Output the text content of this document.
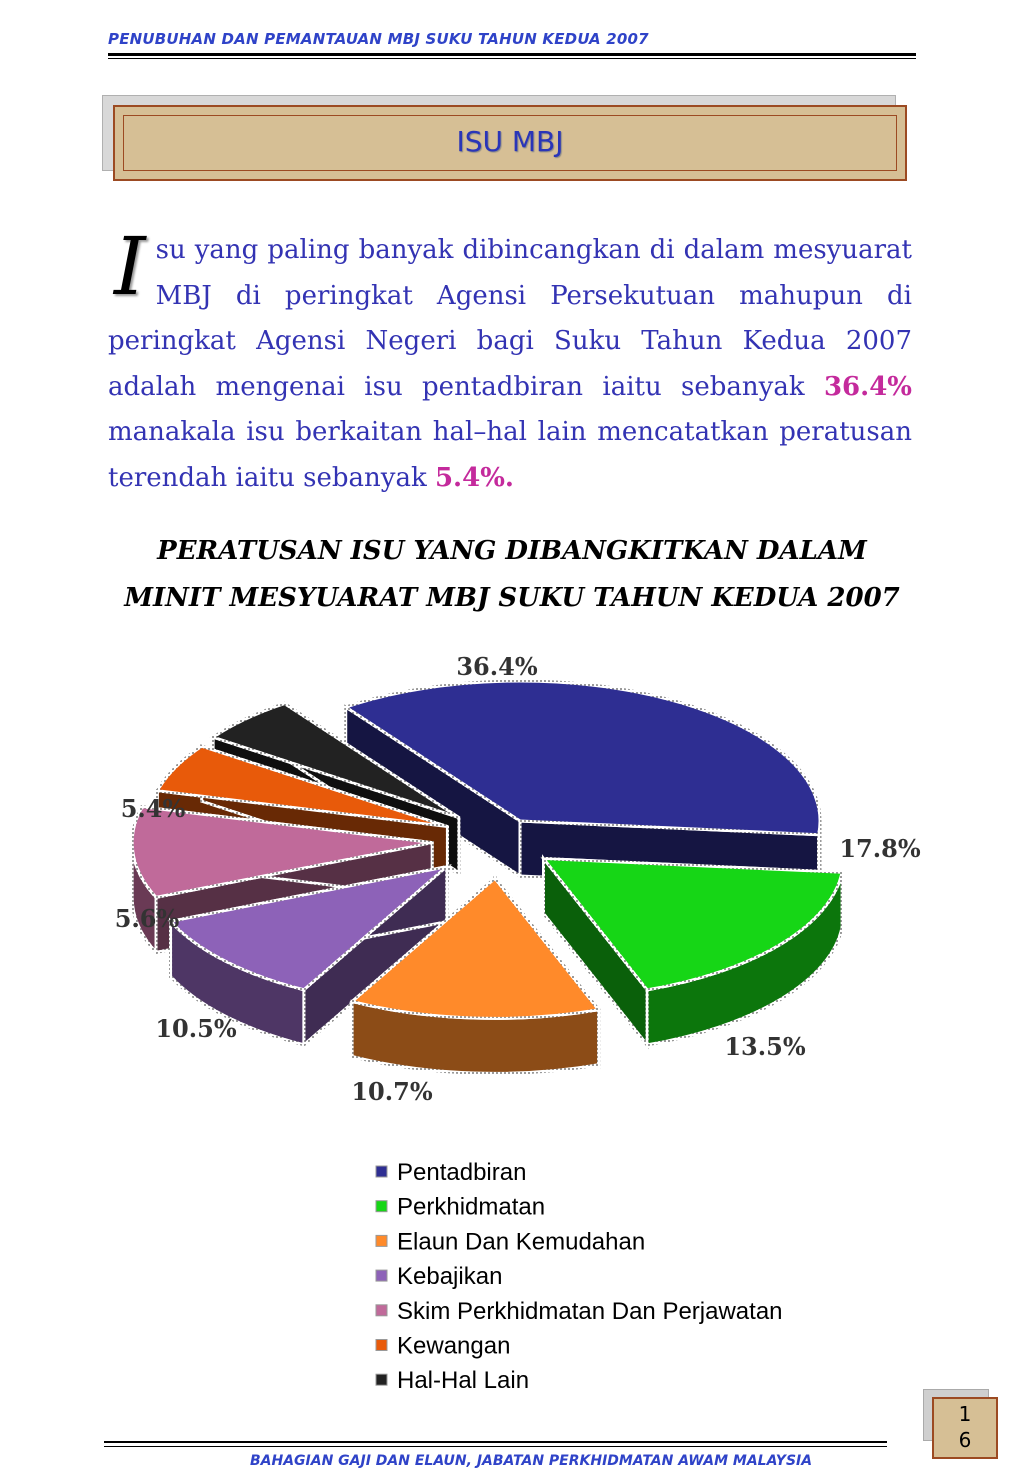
PENUBUHAN DAN PEMANTAUAN MBJ SUKU TAHUN KEDUA 2007
ISU MBJ
Isu yang paling banyak dibincangkan di dalam mesyuarat MBJ di peringkat Agensi Persekutuan mahupun di peringkat Agensi Negeri bagi Suku Tahun Kedua 2007 adalah mengenai isu pentadbiran iaitu sebanyak 36.4% manakala isu berkaitan hal–hal lain mencatatkan peratusan terendah iaitu sebanyak 5.4%.
PERATUSAN ISU YANG DIBANGKITKAN DALAM
MINIT MESYUARAT MBJ SUKU TAHUN KEDUA 2007
36.4%
17.8%
13.5%
10.7%
10.5%
5.6%
5.4%
Pentadbiran
Perkhidmatan
Elaun Dan Kemudahan
Kebajikan
Skim Perkhidmatan Dan Perjawatan
Kewangan
Hal-Hal Lain
BAHAGIAN GAJI DAN ELAUN, JABATAN PERKHIDMATAN AWAM MALAYSIA
1
6
